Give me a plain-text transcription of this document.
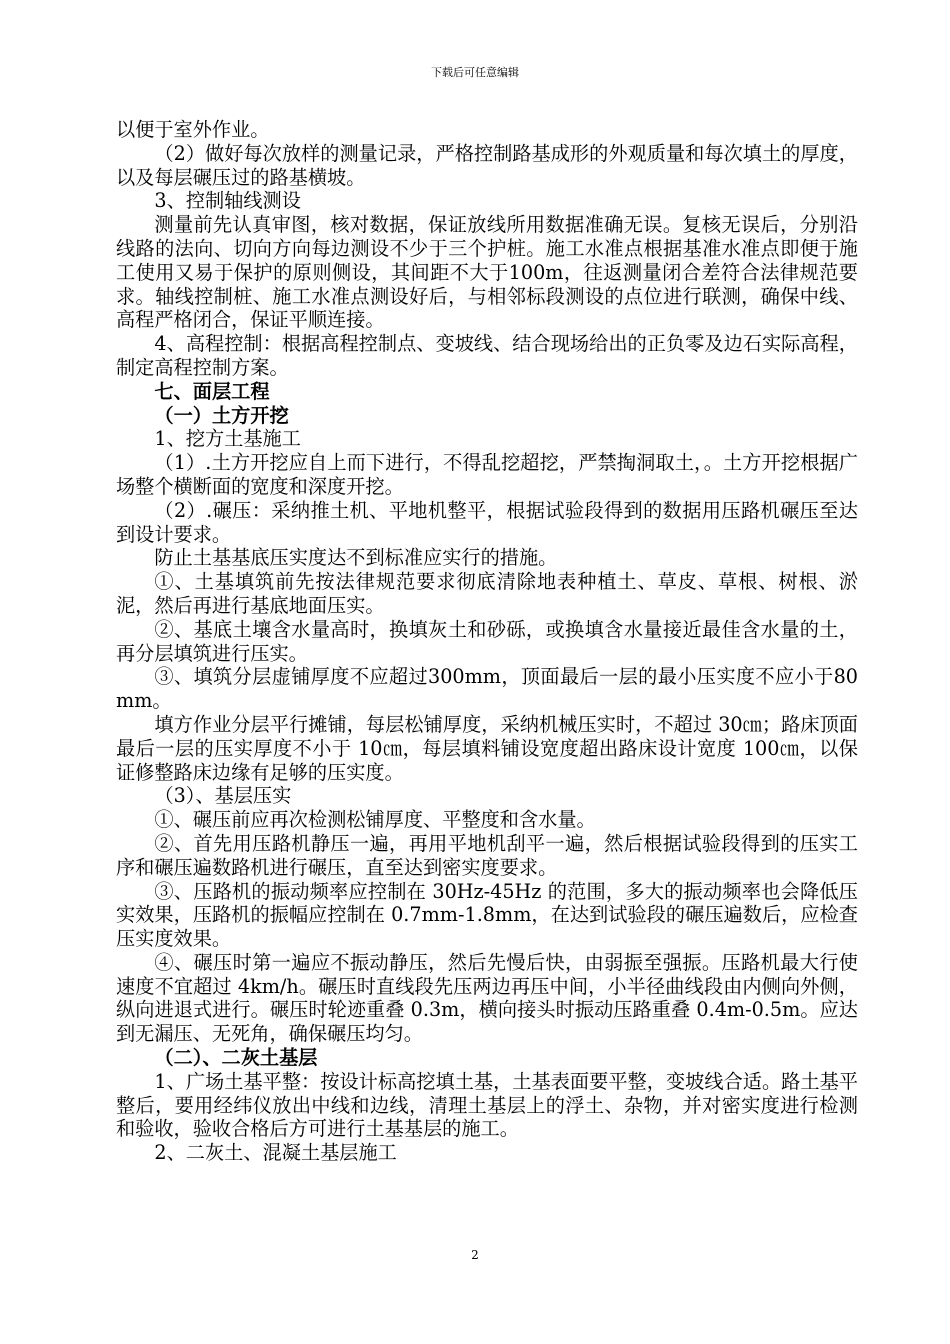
下载后可任意编辑

以便于室外作业。

（2）做好每次放样的测量记录，严格控制路基成形的外观质量和每次填土的厚度，以及每层碾压过的路基横坡。

3、控制轴线测设

测量前先认真审图，核对数据，保证放线所用数据准确无误。复核无误后，分别沿线路的法向、切向方向每边测设不少于三个护桩。施工水准点根据基准水准点即便于施工使用又易于保护的原则侧设，其间距不大于100m，往返测量闭合差符合法律规范要求。轴线控制桩、施工水准点测设好后，与相邻标段测设的点位进行联测，确保中线、高程严格闭合，保证平顺连接。

4、高程控制：根据高程控制点、变坡线、结合现场给出的正负零及边石实际高程，制定高程控制方案。

七、面层工程

（一）土方开挖

1、挖方土基施工

（1）.土方开挖应自上而下进行，不得乱挖超挖，严禁掏洞取土，。土方开挖根据广场整个横断面的宽度和深度开挖。

（2）.碾压：采纳推土机、平地机整平，根据试验段得到的数据用压路机碾压至达到设计要求。

防止土基基底压实度达不到标准应实行的措施。

①、土基填筑前先按法律规范要求彻底清除地表种植土、草皮、草根、树根、淤泥，然后再进行基底地面压实。

②、基底土壤含水量高时，换填灰土和砂砾，或换填含水量接近最佳含水量的土，再分层填筑进行压实。

③、填筑分层虚铺厚度不应超过300mm，顶面最后一层的最小压实度不应小于80mm。

填方作业分层平行摊铺，每层松铺厚度，采纳机械压实时，不超过 30㎝；路床顶面最后一层的压实厚度不小于 10㎝，每层填料铺设宽度超出路床设计宽度 100㎝，以保证修整路床边缘有足够的压实度。

（3）、基层压实

①、碾压前应再次检测松铺厚度、平整度和含水量。

②、首先用压路机静压一遍，再用平地机刮平一遍，然后根据试验段得到的压实工序和碾压遍数路机进行碾压，直至达到密实度要求。

③、压路机的振动频率应控制在 30Hz-45Hz 的范围，多大的振动频率也会降低压实效果，压路机的振幅应控制在 0.7mm-1.8mm，在达到试验段的碾压遍数后，应检查压实度效果。

④、碾压时第一遍应不振动静压，然后先慢后快，由弱振至强振。压路机最大行使速度不宜超过 4km/h。碾压时直线段先压两边再压中间，小半径曲线段由内侧向外侧，纵向进退式进行。碾压时轮迹重叠 0.3m，横向接头时振动压路重叠 0.4m-0.5m。应达到无漏压、无死角，确保碾压均匀。

（二）、二灰土基层

1、广场土基平整：按设计标高挖填土基，土基表面要平整，变坡线合适。路土基平整后，要用经纬仪放出中线和边线，清理土基层上的浮土、杂物，并对密实度进行检测和验收，验收合格后方可进行土基基层的施工。

2、二灰土、混凝土基层施工

2
